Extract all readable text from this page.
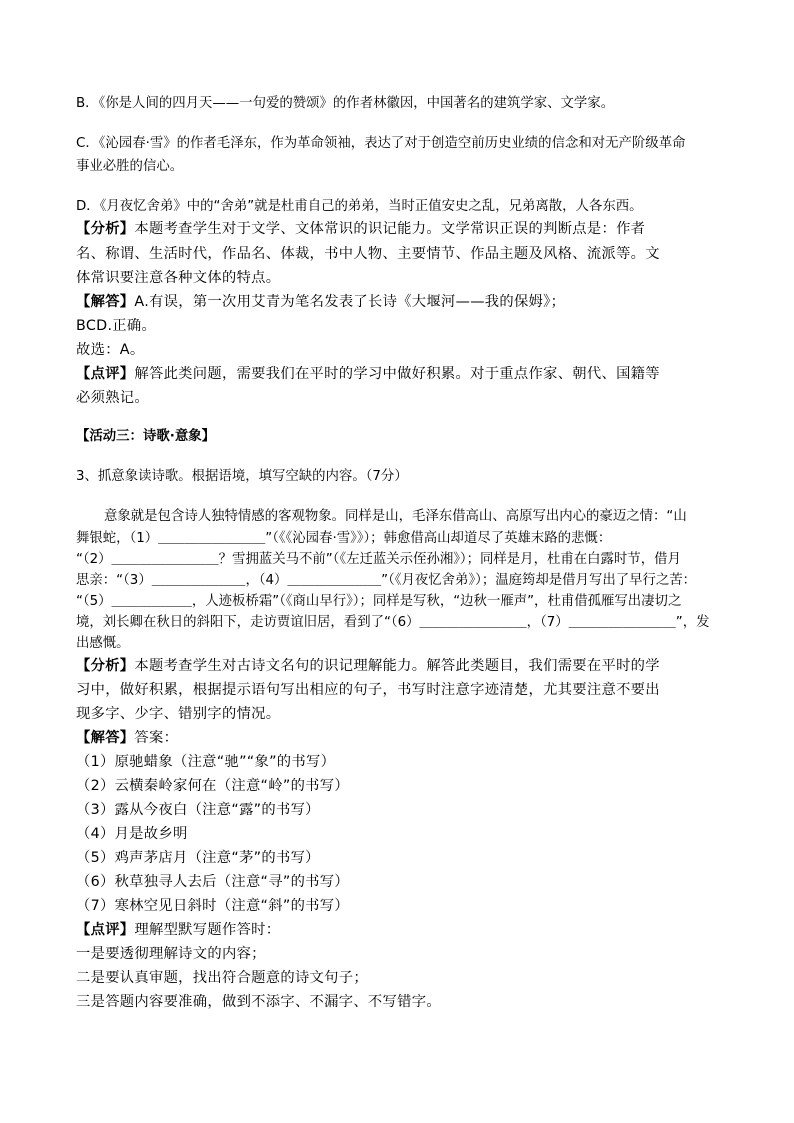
B．《你是人间的四月天——一句爱的赞颂》的作者林徽因，中国著名的建筑学家、文学家。
C．《沁园春·雪》的作者毛泽东，作为革命领袖，表达了对于创造空前历史业绩的信念和对无产阶级革命
事业必胜的信心。
D．《月夜忆舍弟》中的“舍弟”就是杜甫自己的弟弟，当时正值安史之乱，兄弟离散，人各东西。
【分析】本题考查学生对于文学、文体常识的识记能力。文学常识正误的判断点是：作者
名、称谓、生活时代，作品名、体裁，书中人物、主要情节、作品主题及风格、流派等。文
体常识要注意各种文体的特点。
【解答】A.有误，第一次用艾青为笔名发表了长诗《大堰河——我的保姆》；
BCD.正确。
故选：A。
【点评】解答此类问题，需要我们在平时的学习中做好积累。对于重点作家、朝代、国籍等
必须熟记。
【活动三：诗歌·意象】
3、抓意象读诗歌。根据语境，填写空缺的内容。（7分）
意象就是包含诗人独特情感的客观物象。同样是山，毛泽东借高山、高原写出内心的豪迈之情：“山
舞银蛇，（1）＿＿＿＿＿＿＿＿”（《《沁园春·雪》》）；韩愈借高山却道尽了英雄末路的悲慨：
“（2）＿＿＿＿＿＿＿＿？雪拥蓝关马不前”（《左迁蓝关示侄孙湘》）；同样是月，杜甫在白露时节，借月
思亲：“（3）＿＿＿＿＿＿＿，（4）＿＿＿＿＿＿＿”（《月夜忆舍弟》）；温庭筠却是借月写出了早行之苦：
“（5）＿＿＿＿＿＿，人迹板桥霜”（《商山早行》）；同样是写秋，“边秋一雁声”，杜甫借孤雁写出凄切之
境，刘长卿在秋日的斜阳下，走访贾谊旧居，看到了“（6）＿＿＿＿＿＿＿＿，（7）＿＿＿＿＿＿＿＿”，发
出感慨。
【分析】本题考查学生对古诗文名句的识记理解能力。解答此类题目，我们需要在平时的学
习中，做好积累，根据提示语句写出相应的句子，书写时注意字迹清楚，尤其要注意不要出
现多字、少字、错别字的情况。
【解答】答案：
（1）原驰蜡象（注意“驰”“象”的书写）
（2）云横秦岭家何在（注意“岭”的书写）
（3）露从今夜白（注意“露”的书写）
（4）月是故乡明
（5）鸡声茅店月（注意“茅”的书写）
（6）秋草独寻人去后（注意“寻”的书写）
（7）寒林空见日斜时（注意“斜”的书写）
【点评】理解型默写题作答时：
一是要透彻理解诗文的内容；
二是要认真审题，找出符合题意的诗文句子；
三是答题内容要准确，做到不添字、不漏字、不写错字。
